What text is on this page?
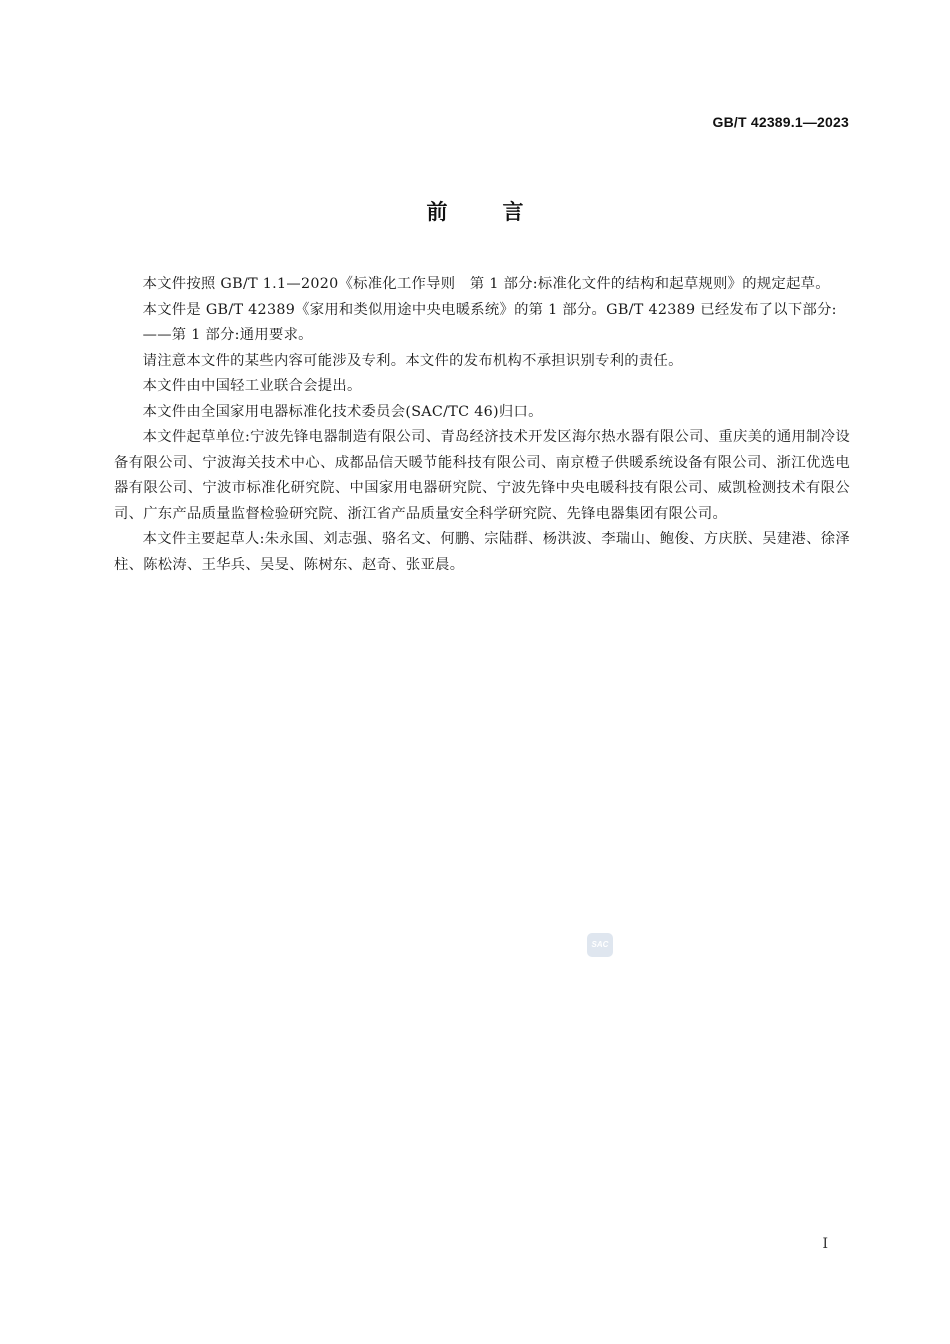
GB/T 42389.1—2023
前言

本文件按照 GB/T 1.1—2020《标准化工作导则　第 1 部分:标准化文件的结构和起草规则》的规定起草。

本文件是 GB/T 42389《家用和类似用途中央电暖系统》的第 1 部分。GB/T 42389 已经发布了以下部分:

——第 1 部分:通用要求。

请注意本文件的某些内容可能涉及专利。本文件的发布机构不承担识别专利的责任。

本文件由中国轻工业联合会提出。

本文件由全国家用电器标准化技术委员会(SAC/TC 46)归口。

本文件起草单位:宁波先锋电器制造有限公司、青岛经济技术开发区海尔热水器有限公司、重庆美的通用制冷设备有限公司、宁波海关技术中心、成都品信天暖节能科技有限公司、南京橙子供暖系统设备有限公司、浙江优选电器有限公司、宁波市标准化研究院、中国家用电器研究院、宁波先锋中央电暖科技有限公司、威凯检测技术有限公司、广东产品质量监督检验研究院、浙江省产品质量安全科学研究院、先锋电器集团有限公司。

本文件主要起草人:朱永国、刘志强、骆名文、何鹏、宗陆群、杨洪波、李瑞山、鲍俊、方庆朕、吴建港、徐泽柱、陈松涛、王华兵、吴旻、陈树东、赵奇、张亚晨。

SAC
I
